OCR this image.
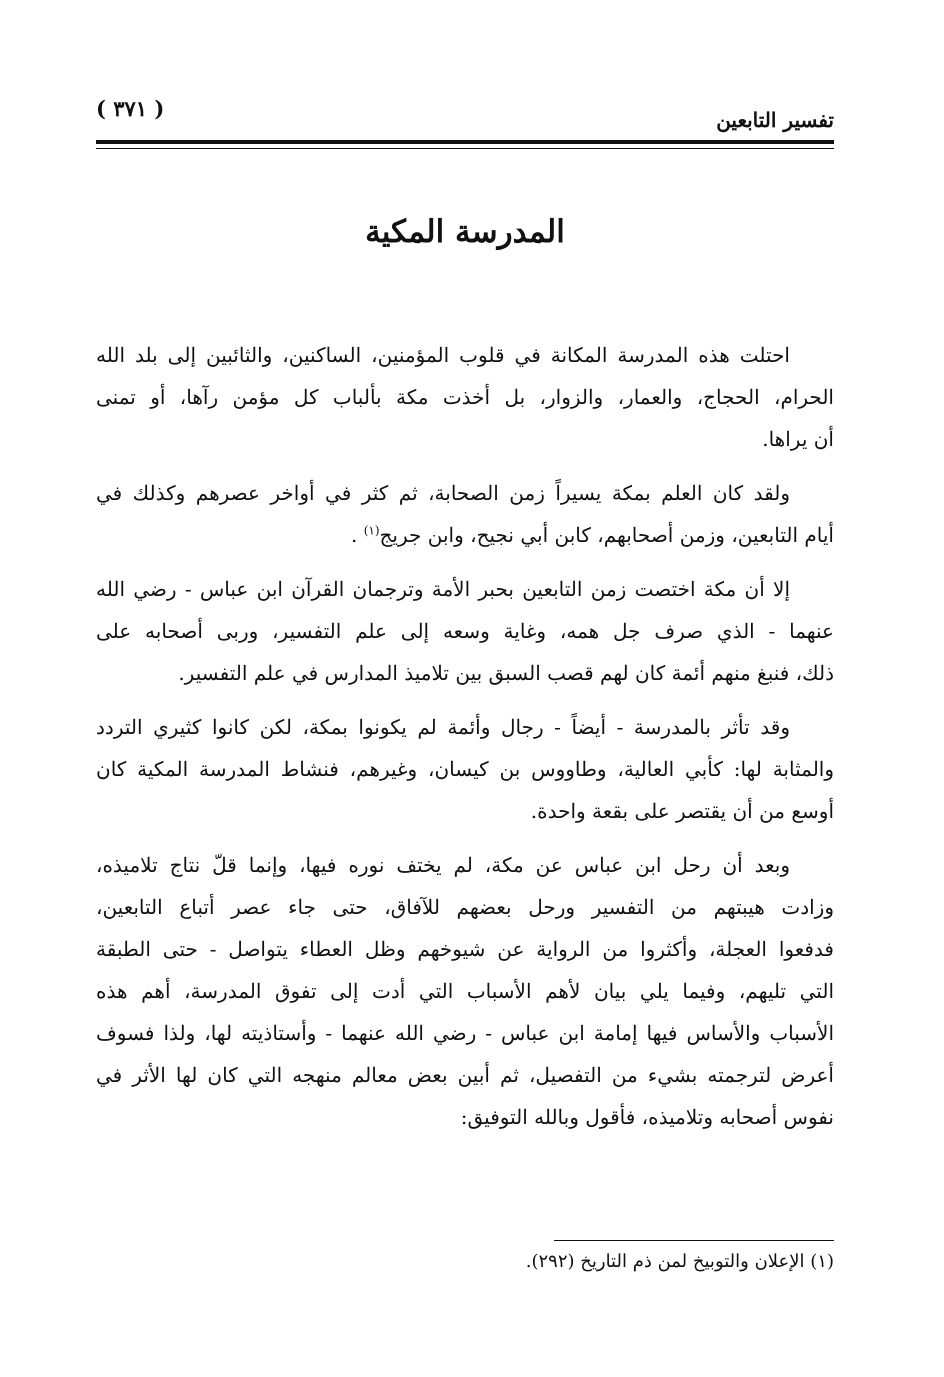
تفسير التابعين
( ٣٧١ )
المدرسة المكية
احتلت هذه المدرسة المكانة في قلوب المؤمنين، الساكنين، والثائبين إلى بلد الله
الحرام، الحجاج، والعمار، والزوار، بل أخذت مكة بألباب كل مؤمن رآها، أو تمنى
أن يراها.
ولقد كان العلم بمكة يسيراً زمن الصحابة، ثم كثر في أواخر عصرهم وكذلك في
أيام التابعين، وزمن أصحابهم، كابن أبي نجيح، وابن جريج$^{(١)}$ .
إلا أن مكة اختصت زمن التابعين بحبر الأمة وترجمان القرآن ابن عباس - رضي الله
عنهما - الذي صرف جل همه، وغاية وسعه إلى علم التفسير، وربى أصحابه على
ذلك، فنبغ منهم أئمة كان لهم قصب السبق بين تلاميذ المدارس في علم التفسير.
وقد تأثر بالمدرسة - أيضاً - رجال وأئمة لم يكونوا بمكة، لكن كانوا كثيري التردد
والمثابة لها: كأبي العالية، وطاووس بن كيسان، وغيرهم، فنشاط المدرسة المكية كان
أوسع من أن يقتصر على بقعة واحدة.
وبعد أن رحل ابن عباس عن مكة، لم يختف نوره فيها، وإنما قلّ نتاج تلاميذه،
وزادت هيبتهم من التفسير ورحل بعضهم للآفاق، حتى جاء عصر أتباع التابعين،
فدفعوا العجلة، وأكثروا من الرواية عن شيوخهم وظل العطاء يتواصل - حتى الطبقة
التي تليهم، وفيما يلي بيان لأهم الأسباب التي أدت إلى تفوق المدرسة، أهم هذه
الأسباب والأساس فيها إمامة ابن عباس - رضي الله عنهما - وأستاذيته لها، ولذا فسوف
أعرض لترجمته بشيء من التفصيل، ثم أبين بعض معالم منهجه التي كان لها الأثر في
نفوس أصحابه وتلاميذه، فأقول وبالله التوفيق:
(١) الإعلان والتوبيخ لمن ذم التاريخ (٢٩٢).
